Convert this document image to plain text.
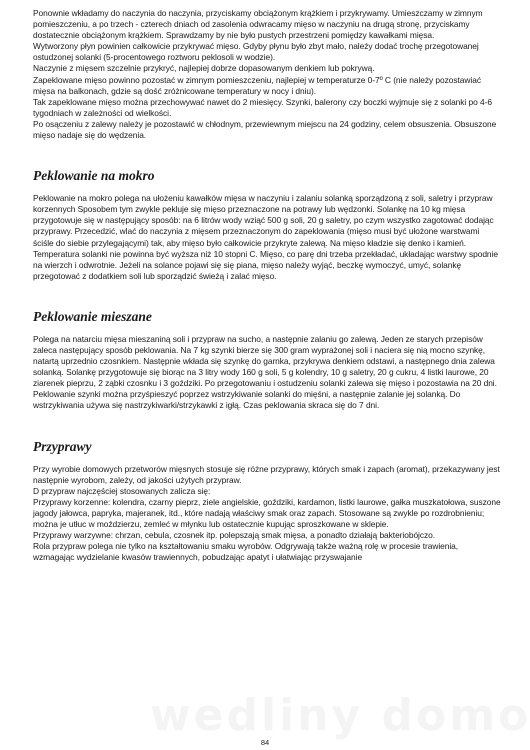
Ponownie wkładamy do naczynia do naczynia, przyciskamy obciążonym krążkiem i przykrywamy. Umieszczamy w zimnym pomieszczeniu, a po trzech - czterech dniach od zasolenia odwracamy mięso w naczyniu na drugą stronę, przyciskamy dostatecznie obciążonym krążkiem. Sprawdzamy by nie było pustych przestrzeni pomiędzy kawałkami mięsa.

Wytworzony płyn powinien całkowicie przykrywać mięso. Gdyby płynu było zbyt mało, należy dodać trochę przegotowanej ostudzonej solanki (5-procentowego roztworu peklosoli w wodzie).

Naczynie z mięsem szczelnie przykryć, najlepiej dobrze dopasowanym denkiem lub pokrywą.

Zapeklowane mięso powinno pozostać w zimnym pomieszczeniu, najlepiej w temperaturze 0-7º C (nie należy pozostawiać mięsa na balkonach, gdzie są dość zróżnicowane temperatury w nocy i dniu).

Tak zapeklowane mięso można przechowywać nawet do 2 miesięcy. Szynki, balerony czy boczki wyjmuje się z solanki po 4-6 tygodniach w zależności od wielkości.

Po osączeniu z zalewy należy je pozostawić w chłodnym, przewiewnym miejscu na 24 godziny, celem obsuszenia. Obsuszone mięso nadaje się do wędzenia.

Peklowanie na mokro

Peklowanie na mokro polega na ułożeniu kawałków mięsa w naczyniu i zalaniu solanką sporządzoną z soli, saletry i przypraw korzennych Sposobem tym zwykle pekluje się mięso przeznaczone na potrawy lub wędzonki. Solankę na 10 kg mięsa przygotowuje się w następujący sposób: na 6 litrów wody wziąć 500 g soli, 20 g saletry, po czym wszystko zagotować dodając przyprawy. Przecedzić, wlać do naczynia z mięsem przeznaczonym do zapeklowania (mięso musi być ułożone warstwami ściśle do siebie przylegającymi) tak, aby mięso było całkowicie przykryte zalewą. Na mięso kładzie się denko i kamień. Temperatura solanki nie powinna być wyższa niż 10 stopni C. Mięso, co parę dni trzeba przekładać, układając warstwy spodnie na wierzch i odwrotnie. Jeżeli na solance pojawi się się piana, mięso należy wyjąć, beczkę wymoczyć, umyć, solankę przegotować z dodatkiem soli lub sporządzić świeżą i zalać mięso.

Peklowanie mieszane

Polega na natarciu mięsa mieszaniną soli i przypraw na sucho, a następnie zalaniu go zalewą. Jeden ze starych przepisów zaleca następujący sposób peklowania. Na 7 kg szynki bierze się 300 gram wyprażonej soli i naciera się nią mocno szynkę, natartą uprzednio czosnkiem. Następnie wkłada się szynkę do garnka, przykrywa denkiem odstawi, a następnego dnia zalewa solanką. Solankę przygotowuje się biorąc na 3 litry wody 160 g soli, 5 g kolendry, 10 g saletry, 20 g cukru, 4 listki laurowe, 20 ziarenek pieprzu, 2 ząbki czosnku i 3 goździki. Po przegotowaniu i ostudzeniu solanki zalewa się mięso i pozostawia na 20 dni.

Peklowanie szynki można przyśpieszyć poprzez wstrzykiwanie solanki do mięśni, a następnie zalanie jej solanką. Do wstrzykiwania używa się nastrzykiwarki/strzykawki z igłą. Czas peklowania skraca się do 7 dni.

Przyprawy

Przy wyrobie domowych przetworów mięsnych stosuje się różne przyprawy, których smak i zapach (aromat), przekazywany jest następnie wyrobom, zależy, od jakości użytych przypraw.

D przypraw najczęściej stosowanych zalicza się:

Przyprawy korzenne: kolendra, czarny pieprz, ziele angielskie, goździki, kardamon, listki laurowe, gałka muszkatołowa, suszone jagody jałowca, papryka, majeranek, itd., które nadają właściwy smak oraz zapach. Stosowane są zwykle po rozdrobnieniu; można je utłuc w moździerzu, zemleć w młynku lub ostatecznie kupując sproszkowane w sklepie.

Przyprawy warzywne: chrzan, cebula, czosnek itp. polepszają smak mięsa, a ponadto działają bakteriobójczo.

Rola przypraw polega nie tylko na kształtowaniu smaku wyrobów. Odgrywają także ważną rolę w procesie trawienia, wzmagając wydzielanie kwasów trawiennych, pobudzając apatyt i ułatwiając przyswajanie

84
